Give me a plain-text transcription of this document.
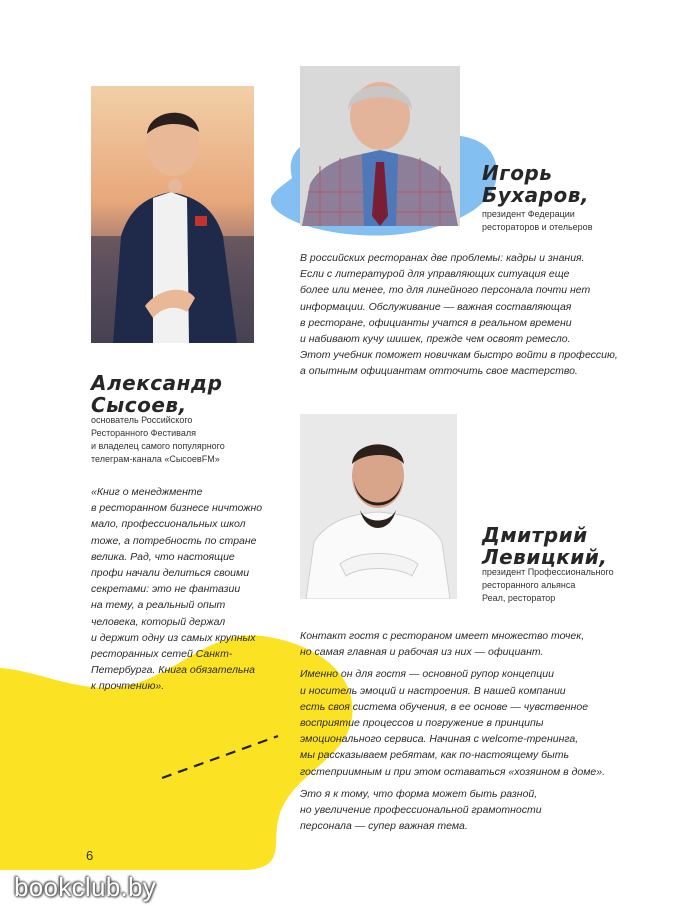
Игорь
Бухаров,
президент Федерации
рестораторов и отельеров
В российских ресторанах две проблемы: кадры и знания.
Если с литературой для управляющих ситуация еще
более или менее, то для линейного персонала почти нет
информации. Обслуживание — важная составляющая
в ресторане, официанты учатся в реальном времени
и набивают кучу шишек, прежде чем освоят ремесло.
Этот учебник поможет новичкам быстро войти в профессию,
а опытным официантам отточить свое мастерство.
Александр
Сысоев,
основатель Российского
Ресторанного Фестиваля
и владелец самого популярного
телеграм-канала «СысоевFM»
«Книг о менеджменте
в ресторанном бизнесе ничтожно
мало, профессиональных школ
тоже, а потребность по стране
велика. Рад, что настоящие
профи начали делиться своими
секретами: это не фантазии
на тему, а реальный опыт
человека, который держал
и держит одну из самых крупных
ресторанных сетей Санкт-
Петербурга. Книга обязательна
к прочтению».
Дмитрий
Левицкий,
президент Профессионального
ресторанного альянса
Реал, ресторатор
Контакт гостя с рестораном имеет множество точек,
но самая главная и рабочая из них — официант.
Именно он для гостя — основной рупор концепции
и носитель эмоций и настроения. В нашей компании
есть своя система обучения, в ее основе — чувственное
восприятие процессов и погружение в принципы
эмоционального сервиса. Начиная с welcome-тренинга,
мы рассказываем ребятам, как по-настоящему быть
гостеприимным и при этом оставаться «хозяином в доме».
Это я к тому, что форма может быть разной,
но увеличение профессиональной грамотности
персонала — супер важная тема.
6
bookclub.by
